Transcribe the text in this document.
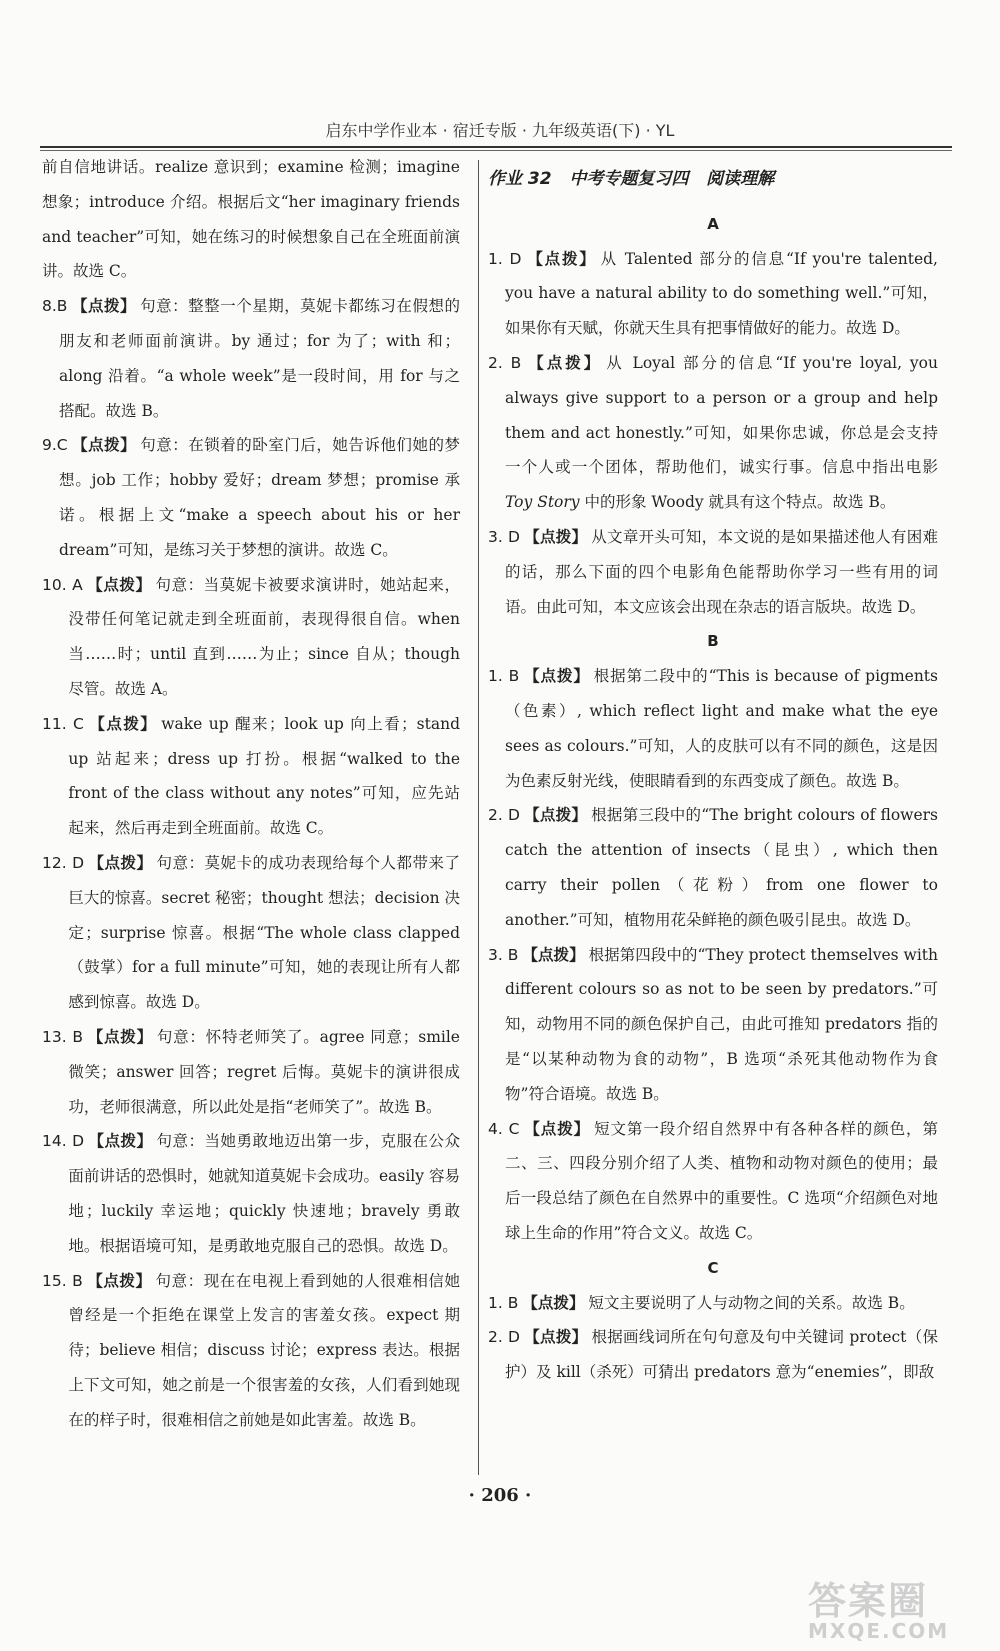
启东中学作业本 · 宿迁专版 · 九年级英语(下) · YL

前自信地讲话。realize 意识到；examine 检测；imagine 想象；introduce 介绍。根据后文“her imaginary friends and teacher”可知，她在练习的时候想象自己在全班面前演讲。故选 C。

8.B 【点拨】 句意：整整一个星期，莫妮卡都练习在假想的朋友和老师面前演讲。by 通过；for 为了；with 和；along 沿着。“a whole week”是一段时间，用 for 与之搭配。故选 B。

9.C 【点拨】 句意：在锁着的卧室门后，她告诉他们她的梦想。job 工作；hobby 爱好；dream 梦想；promise 承诺。根据上文“make a speech about his or her dream”可知，是练习关于梦想的演讲。故选 C。

10. A 【点拨】 句意：当莫妮卡被要求演讲时，她站起来，没带任何笔记就走到全班面前，表现得很自信。when 当……时；until 直到……为止；since 自从；though 尽管。故选 A。

11. C 【点拨】 wake up 醒来；look up 向上看；stand up 站起来；dress up 打扮。根据“walked to the front of the class without any notes”可知，应先站起来，然后再走到全班面前。故选 C。

12. D 【点拨】 句意：莫妮卡的成功表现给每个人都带来了巨大的惊喜。secret 秘密；thought 想法；decision 决定；surprise 惊喜。根据“The whole class clapped（鼓掌）for a full minute”可知，她的表现让所有人都感到惊喜。故选 D。

13. B 【点拨】 句意：怀特老师笑了。agree 同意；smile 微笑；answer 回答；regret 后悔。莫妮卡的演讲很成功，老师很满意，所以此处是指“老师笑了”。故选 B。

14. D 【点拨】 句意：当她勇敢地迈出第一步，克服在公众面前讲话的恐惧时，她就知道莫妮卡会成功。easily 容易地；luckily 幸运地；quickly 快速地；bravely 勇敢地。根据语境可知，是勇敢地克服自己的恐惧。故选 D。

15. B 【点拨】 句意：现在在电视上看到她的人很难相信她曾经是一个拒绝在课堂上发言的害羞女孩。expect 期待；believe 相信；discuss 讨论；express 表达。根据上下文可知，她之前是一个很害羞的女孩，人们看到她现在的样子时，很难相信之前她是如此害羞。故选 B。

作业 32   中考专题复习四   阅读理解
A

1. D 【点拨】 从 Talented 部分的信息“If you're talented, you have a natural ability to do something well.”可知，如果你有天赋，你就天生具有把事情做好的能力。故选 D。

2. B 【点拨】 从 Loyal 部分的信息“If you're loyal, you always give support to a person or a group and help them and act honestly.”可知，如果你忠诚，你总是会支持一个人或一个团体，帮助他们，诚实行事。信息中指出电影 Toy Story 中的形象 Woody 就具有这个特点。故选 B。

3. D 【点拨】 从文章开头可知，本文说的是如果描述他人有困难的话，那么下面的四个电影角色能帮助你学习一些有用的词语。由此可知，本文应该会出现在杂志的语言版块。故选 D。

B

1. B 【点拨】 根据第二段中的“This is because of pigments（色素）, which reflect light and make what the eye sees as colours.”可知，人的皮肤可以有不同的颜色，这是因为色素反射光线，使眼睛看到的东西变成了颜色。故选 B。

2. D 【点拨】 根据第三段中的“The bright colours of flowers catch the attention of insects（昆虫）, which then carry their pollen（花粉）from one flower to another.”可知，植物用花朵鲜艳的颜色吸引昆虫。故选 D。

3. B 【点拨】 根据第四段中的“They protect themselves with different colours so as not to be seen by predators.”可知，动物用不同的颜色保护自己，由此可推知 predators 指的是“以某种动物为食的动物”，B 选项“杀死其他动物作为食物”符合语境。故选 B。

4. C 【点拨】 短文第一段介绍自然界中有各种各样的颜色，第二、三、四段分别介绍了人类、植物和动物对颜色的使用；最后一段总结了颜色在自然界中的重要性。C 选项“介绍颜色对地球上生命的作用”符合文义。故选 C。

C

1. B 【点拨】 短文主要说明了人与动物之间的关系。故选 B。

2. D 【点拨】 根据画线词所在句句意及句中关键词 protect（保护）及 kill（杀死）可猜出 predators 意为“enemies”，即敌

· 206 ·
答案圈
MXQE.COM
